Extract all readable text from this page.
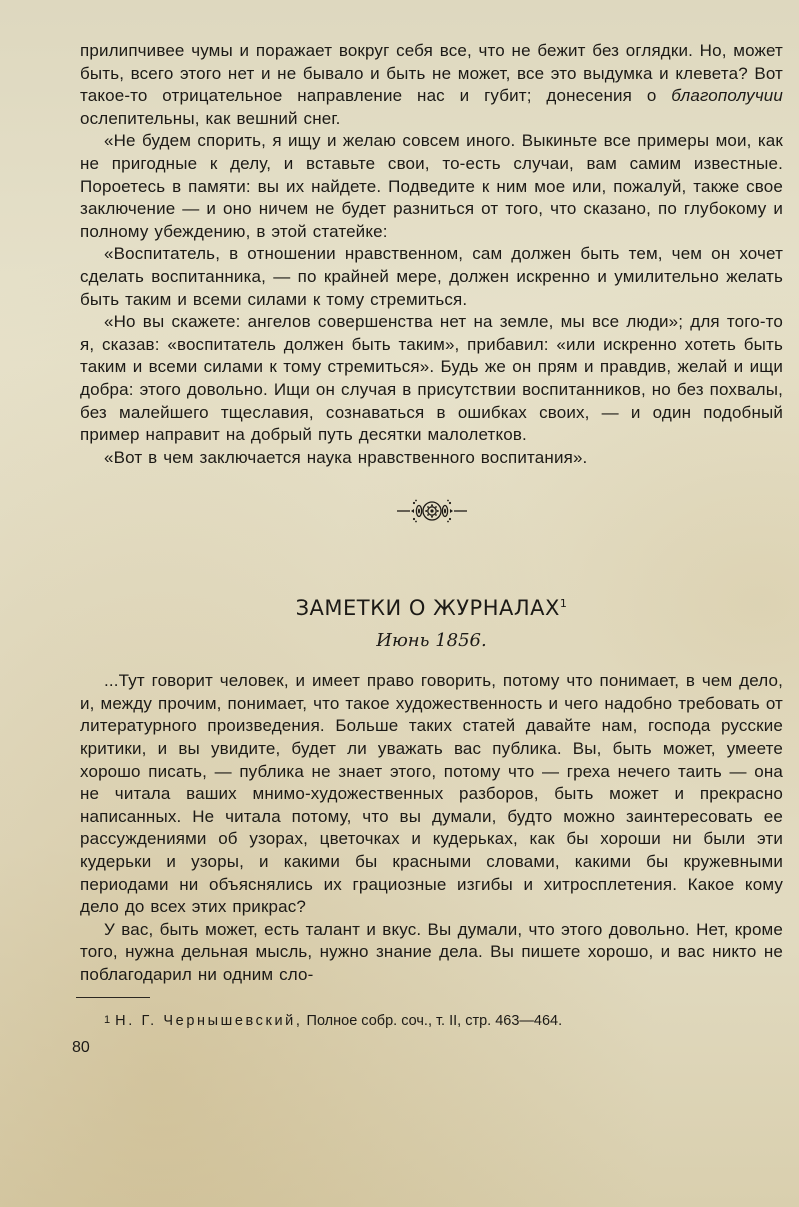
прилипчивее чумы и поражает вокруг себя все, что не бежит без оглядки. Но, может быть, всего этого нет и не бывало и быть не может, все это выдумка и клевета? Вот такое-то отрицательное направление нас и губит; донесения о благополучии ослепительны, как вешний снег.

«Не будем спорить, я ищу и желаю совсем иного. Выкиньте все примеры мои, как не пригодные к делу, и вставьте свои, то-есть случаи, вам самим известные. Пороетесь в памяти: вы их найдете. Подведите к ним мое или, пожалуй, также свое заключение — и оно ничем не будет разниться от того, что сказано, по глубокому и полному убеждению, в этой статейке:

«Воспитатель, в отношении нравственном, сам должен быть тем, чем он хочет сделать воспитанника, — по крайней мере, должен искренно и умилительно желать быть таким и всеми силами к тому стремиться.

«Но вы скажете: ангелов совершенства нет на земле, мы все люди»; для того-то я, сказав: «воспитатель должен быть таким», прибавил: «или искренно хотеть быть таким и всеми силами к тому стремиться». Будь же он прям и правдив, желай и ищи добра: этого довольно. Ищи он случая в присутствии воспитанников, но без похвалы, без малейшего тщеславия, сознаваться в ошибках своих, — и один подобный пример направит на добрый путь десятки малолетков.

«Вот в чем заключается наука нравственного воспитания».

ЗАМЕТКИ О ЖУРНАЛАХ$^1$
Июнь 1856.

...Тут говорит человек, и имеет право говорить, потому что понимает, в чем дело, и, между прочим, понимает, что такое художественность и чего надобно требовать от литературного произведения. Больше таких статей давайте нам, господа русские критики, и вы увидите, будет ли уважать вас публика. Вы, быть может, умеете хорошо писать, — публика не знает этого, потому что — греха нечего таить — она не читала ваших мнимо-художественных разборов, быть может и прекрасно написанных. Не читала потому, что вы думали, будто можно заинтересовать ее рассуждениями об узорах, цветочках и кудерьках, как бы хороши ни были эти кудерьки и узоры, и какими бы красными словами, какими бы кружевными периодами ни объяснялись их грациозные изгибы и хитросплетения. Какое кому дело до всех этих прикрас?

У вас, быть может, есть талант и вкус. Вы думали, что этого довольно. Нет, кроме того, нужна дельная мысль, нужно знание дела. Вы пишете хорошо, и вас никто не поблагодарил ни одним сло-

1 Н. Г. Чернышевский, Полное собр. соч., т. II, стр. 463—464.
80
